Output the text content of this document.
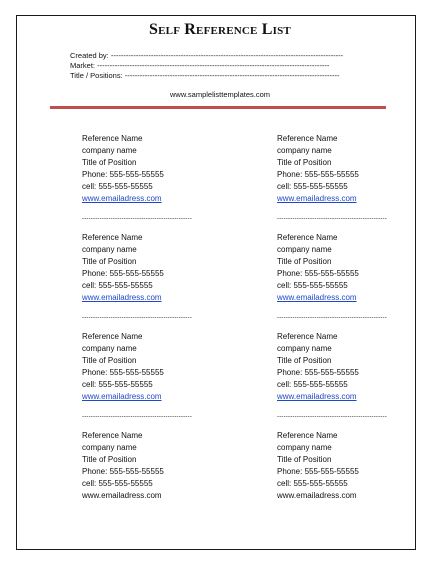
Self Reference List
Created by: ---------------------------------------------------------------------------------------------
Market: ---------------------------------------------------------------------------------------------
Title / Positions: --------------------------------------------------------------------------------------
www.samplelisttemplates.com
Reference Name
company name
Title of Position
Phone: 555-555-55555
cell: 555-555-55555
www.emailadress.com
--------------------------------------------------
Reference Name
company name
Title of Position
Phone: 555-555-55555
cell: 555-555-55555
www.emailadress.com
--------------------------------------------------
Reference Name
company name
Title of Position
Phone: 555-555-55555
cell: 555-555-55555
www.emailadress.com
--------------------------------------------------
Reference Name
company name
Title of Position
Phone: 555-555-55555
cell: 555-555-55555
www.emailadress.com
--------------------------------------------------
Reference Name
company name
Title of Position
Phone: 555-555-55555
cell: 555-555-55555
www.emailadress.com
--------------------------------------------------
Reference Name
company name
Title of Position
Phone: 555-555-55555
cell: 555-555-55555
www.emailadress.com
--------------------------------------------------
Reference Name
company name
Title of Position
Phone: 555-555-55555
cell: 555-555-55555
www.emailadress.com
Reference Name
company name
Title of Position
Phone: 555-555-55555
cell: 555-555-55555
www.emailadress.com
